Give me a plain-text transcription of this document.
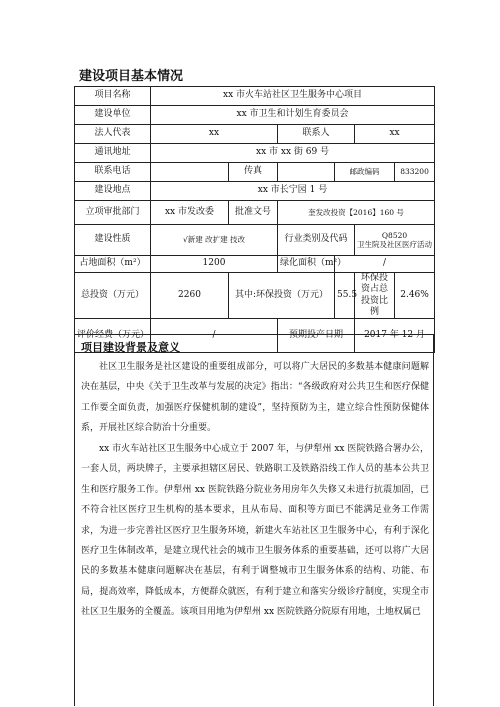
建设项目基本情况
项目名称	xx 市火车站社区卫生服务中心项目					
建设单位	xx 市卫生和计划生育委员会					
法人代表	xx		联系人		xx	
通讯地址	xx 市 xx 街 69 号					
联系电话		传真		邮政编码		833200
建设地点	xx 市长宁园 1 号					
立项审批部门	xx 市发改委	批准文号	奎发改投资【2016】160 号			
建设性质	√新建 改扩建 技改		行业类别及代码		Q8520
卫生院及社区医疗活动	

占地面积（m²）	1200		绿化面积（m²）	/		
总投资（万元）	2260	其中:环保投资（万元）		55.5	环保投资占总投资比例	2.46%
评价经费（万元）	/		预期投产日期		2017 年 12 月	
项目建设背景及意义

社区卫生服务是社区建设的重要组成部分，可以将广大居民的多数基本健康问题解决在基层，中央《关于卫生改革与发展的决定》指出：“各级政府对公共卫生和医疗保健工作要全面负责，加强医疗保健机制的建设”，坚持预防为主，建立综合性预防保健体系，开展社区综合防治十分重要。

xx 市火车站社区卫生服务中心成立于 2007 年，与伊犁州 xx 医院铁路合署办公，一套人员，两块牌子，主要承担辖区居民、铁路职工及铁路沿线工作人员的基本公共卫生和医疗服务工作。伊犁州 xx 医院铁路分院业务用房年久失修又未进行抗震加固，已不符合社区医疗卫生机构的基本要求，且从布局、面积等方面已不能满足业务工作需求，为进一步完善社区医疗卫生服务环境，新建火车站社区卫生服务中心，有利于深化医疗卫生体制改革，是建立现代社会的城市卫生服务体系的重要基础，还可以将广大居民的多数基本健康问题解决在基层，有利于调整城市卫生服务体系的结构、功能、布局，提高效率，降低成本，方便群众就医，有利于建立和落实分级诊疗制度，实现全市社区卫生服务的全覆盖。该项目用地为伊犁州 xx 医院铁路分院原有用地，土地权属已
